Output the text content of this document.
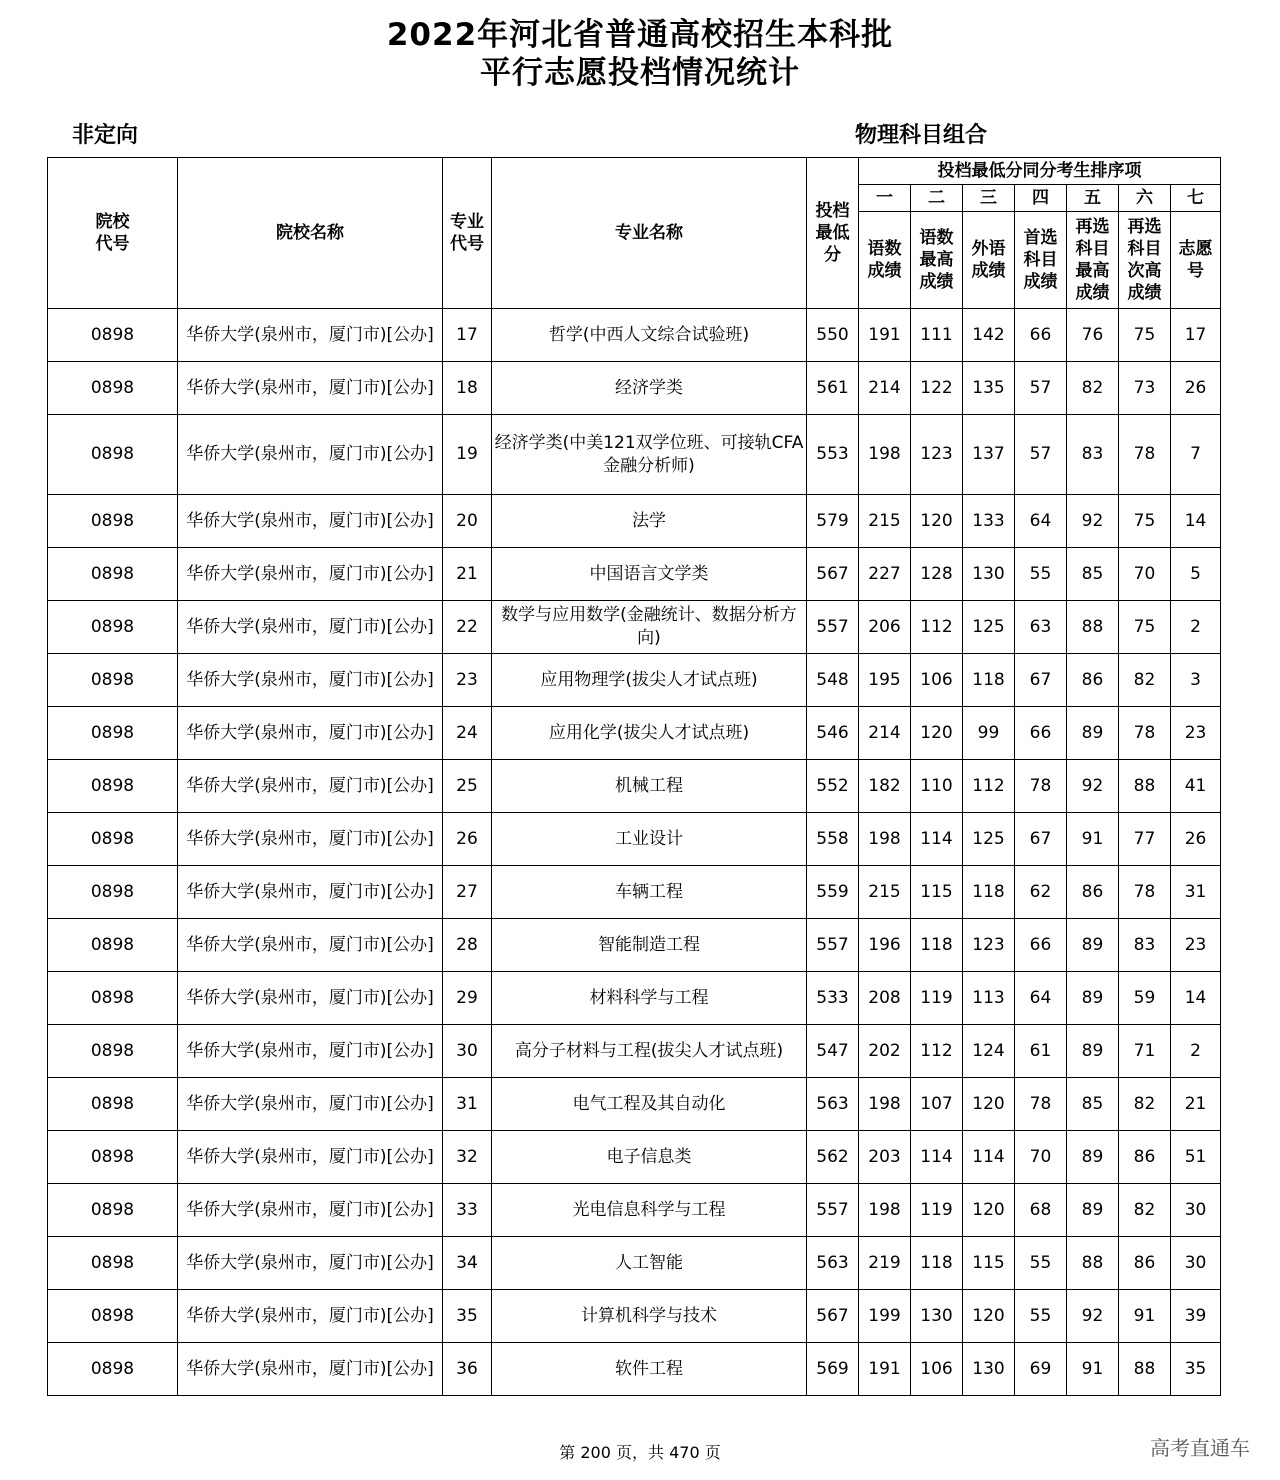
2022年河北省普通高校招生本科批
平行志愿投档情况统计
非定向	物理科目组合
院校代号	院校名称	专业代号	专业名称	投档最低分	投档最低分同分考生排序项						
					一	二	三	四	五	六	七
					语数成绩	语数最高成绩	外语成绩	首选科目成绩	再选科目最高成绩	再选科目次高成绩	志愿号
0898	华侨大学(泉州市，厦门市)[公办]	17	哲学(中西人文综合试验班)	550	191	111	142	66	76	75	17
0898	华侨大学(泉州市，厦门市)[公办]	18	经济学类	561	214	122	135	57	82	73	26
0898	华侨大学(泉州市，厦门市)[公办]	19	经济学类(中美121双学位班、可接轨CFA金融分析师)	553	198	123	137	57	83	78	7
0898	华侨大学(泉州市，厦门市)[公办]	20	法学	579	215	120	133	64	92	75	14
0898	华侨大学(泉州市，厦门市)[公办]	21	中国语言文学类	567	227	128	130	55	85	70	5
0898	华侨大学(泉州市，厦门市)[公办]	22	数学与应用数学(金融统计、数据分析方向)	557	206	112	125	63	88	75	2
0898	华侨大学(泉州市，厦门市)[公办]	23	应用物理学(拔尖人才试点班)	548	195	106	118	67	86	82	3
0898	华侨大学(泉州市，厦门市)[公办]	24	应用化学(拔尖人才试点班)	546	214	120	99	66	89	78	23
0898	华侨大学(泉州市，厦门市)[公办]	25	机械工程	552	182	110	112	78	92	88	41
0898	华侨大学(泉州市，厦门市)[公办]	26	工业设计	558	198	114	125	67	91	77	26
0898	华侨大学(泉州市，厦门市)[公办]	27	车辆工程	559	215	115	118	62	86	78	31
0898	华侨大学(泉州市，厦门市)[公办]	28	智能制造工程	557	196	118	123	66	89	83	23
0898	华侨大学(泉州市，厦门市)[公办]	29	材料科学与工程	533	208	119	113	64	89	59	14
0898	华侨大学(泉州市，厦门市)[公办]	30	高分子材料与工程(拔尖人才试点班)	547	202	112	124	61	89	71	2
0898	华侨大学(泉州市，厦门市)[公办]	31	电气工程及其自动化	563	198	107	120	78	85	82	21
0898	华侨大学(泉州市，厦门市)[公办]	32	电子信息类	562	203	114	114	70	89	86	51
0898	华侨大学(泉州市，厦门市)[公办]	33	光电信息科学与工程	557	198	119	120	68	89	82	30
0898	华侨大学(泉州市，厦门市)[公办]	34	人工智能	563	219	118	115	55	88	86	30
0898	华侨大学(泉州市，厦门市)[公办]	35	计算机科学与技术	567	199	130	120	55	92	91	39
0898	华侨大学(泉州市，厦门市)[公办]	36	软件工程	569	191	106	130	69	91	88	35
第 200 页，共 470 页	高考直通车
